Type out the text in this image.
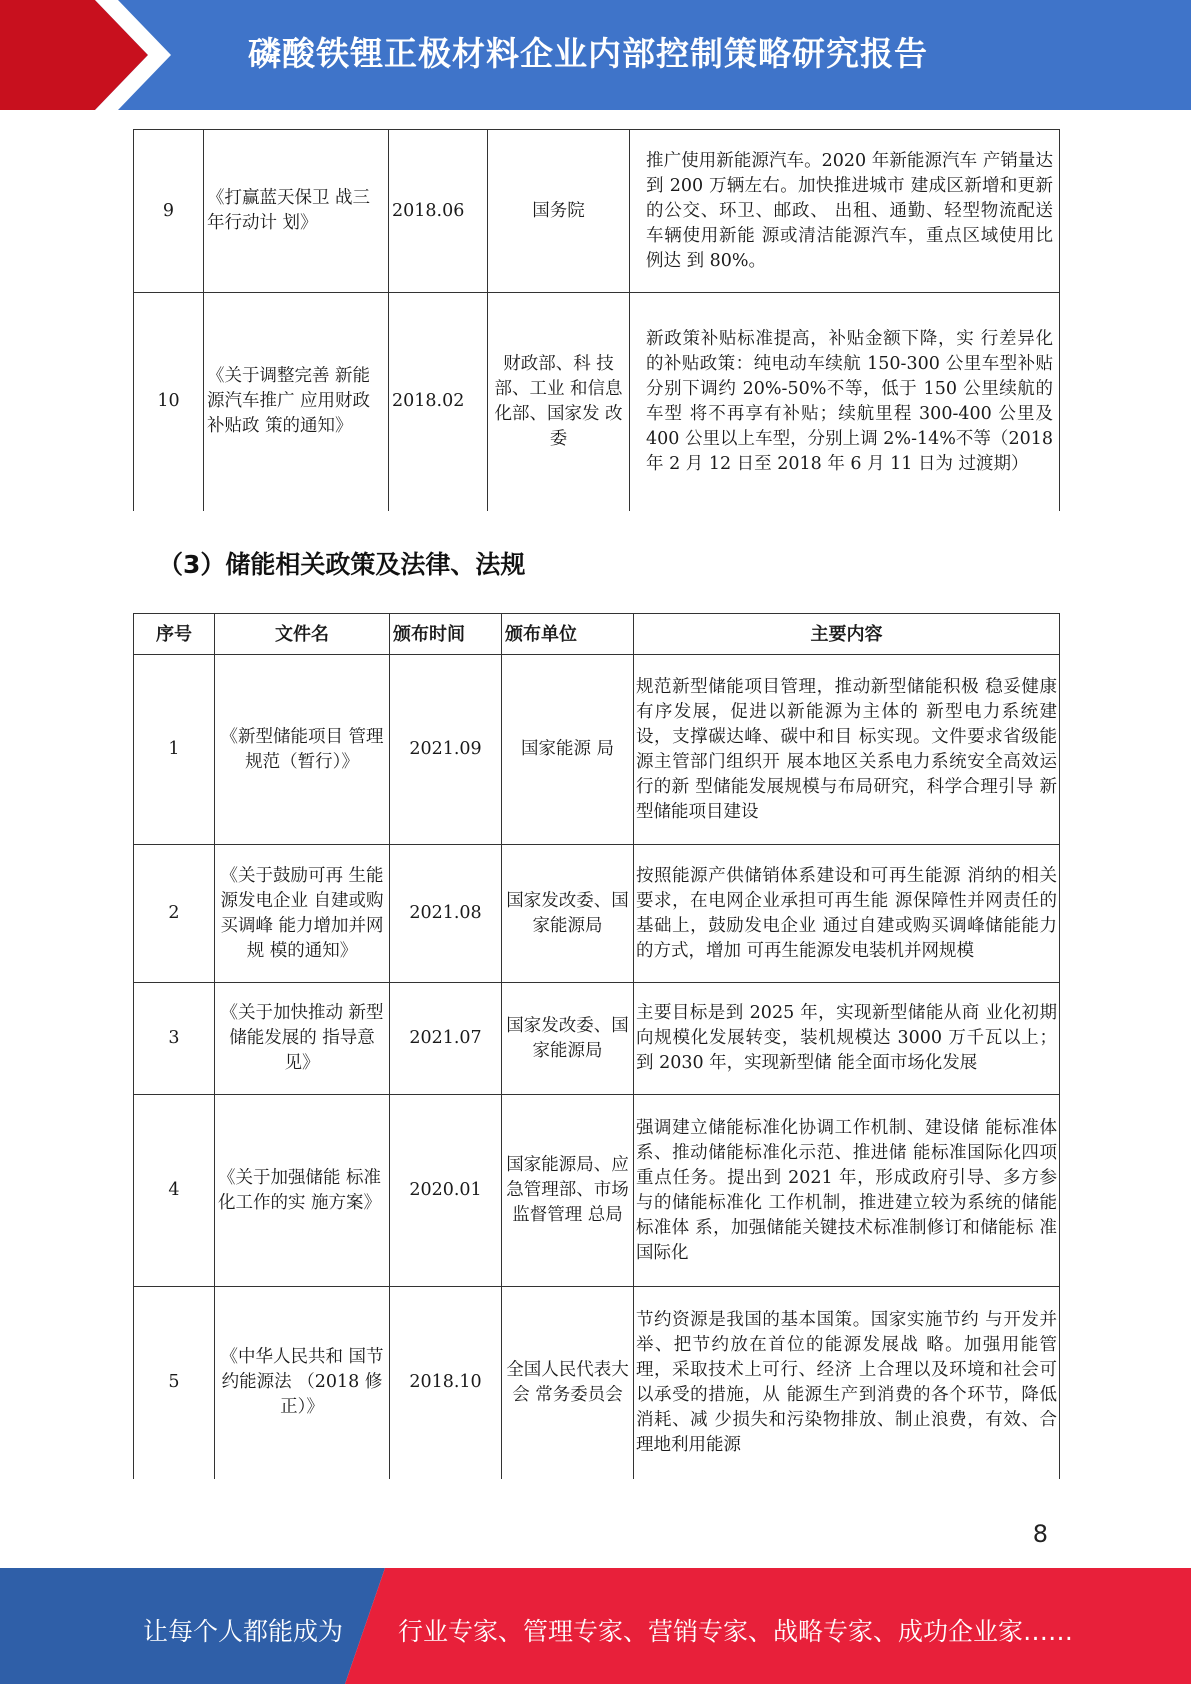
磷酸铁锂正极材料企业内部控制策略研究报告
9	《打赢蓝天保卫 战三年行动计 划》	2018.06	国务院	推广使用新能源汽车。2020 年新能源汽车 产销量达到 200 万辆左右。加快推进城市 建成区新增和更新的公交、环卫、邮政、 出租、通勤、轻型物流配送车辆使用新能 源或清洁能源汽车，重点区域使用比例达 到 80%。
10	《关于调整完善 新能源汽车推广 应用财政补贴政 策的通知》	2018.02	财政部、科 技部、工业 和信息化部、国家发 改委	新政策补贴标准提高，补贴金额下降，实 行差异化的补贴政策：纯电动车续航 150-300 公里车型补贴分别下调约 20%-50%不等，低于 150 公里续航的车型 将不再享有补贴；续航里程 300-400 公里及 400 公里以上车型，分别上调 2%-14%不等（2018 年 2 月 12 日至 2018 年 6 月 11 日为 过渡期）
（3）储能相关政策及法律、法规
序号	文件名	颁布时间	颁布单位	主要内容
1	《新型储能项目 管理规范（暂行）》	2021.09	国家能源 局	规范新型储能项目管理，推动新型储能积极 稳妥健康有序发展，促进以新能源为主体的 新型电力系统建设，支撑碳达峰、碳中和目 标实现。文件要求省级能源主管部门组织开 展本地区关系电力系统安全高效运行的新 型储能发展规模与布局研究，科学合理引导 新型储能项目建设
2	《关于鼓励可再 生能源发电企业 自建或购买调峰 能力增加并网规 模的通知》	2021.08	国家发改委、国家能源局	按照能源产供储销体系建设和可再生能源 消纳的相关要求，在电网企业承担可再生能 源保障性并网责任的基础上，鼓励发电企业 通过自建或购买调峰储能能力的方式，增加 可再生能源发电装机并网规模
3	《关于加快推动 新型储能发展的 指导意见》	2021.07	国家发改委、国家能源局	主要目标是到 2025 年，实现新型储能从商 业化初期向规模化发展转变，装机规模达 3000 万千瓦以上；到 2030 年，实现新型储 能全面市场化发展
4	《关于加强储能 标准化工作的实 施方案》	2020.01	国家能源局、应急管理部、市场监督管理 总局	强调建立储能标准化协调工作机制、建设储 能标准体系、推动储能标准化示范、推进储 能标准国际化四项重点任务。提出到 2021 年，形成政府引导、多方参与的储能标准化 工作机制，推进建立较为系统的储能标准体 系，加强储能关键技术标准制修订和储能标 准国际化
5	《中华人民共和 国节约能源法 （2018 修正）》	2018.10	全国人民代表大会 常务委员会	节约资源是我国的基本国策。国家实施节约 与开发并举、把节约放在首位的能源发展战 略。加强用能管理，采取技术上可行、经济 上合理以及环境和社会可以承受的措施，从 能源生产到消费的各个环节，降低消耗、减 少损失和污染物排放、制止浪费，有效、合 理地利用能源
8
让每个人都能成为 行业专家、管理专家、营销专家、战略专家、成功企业家……
